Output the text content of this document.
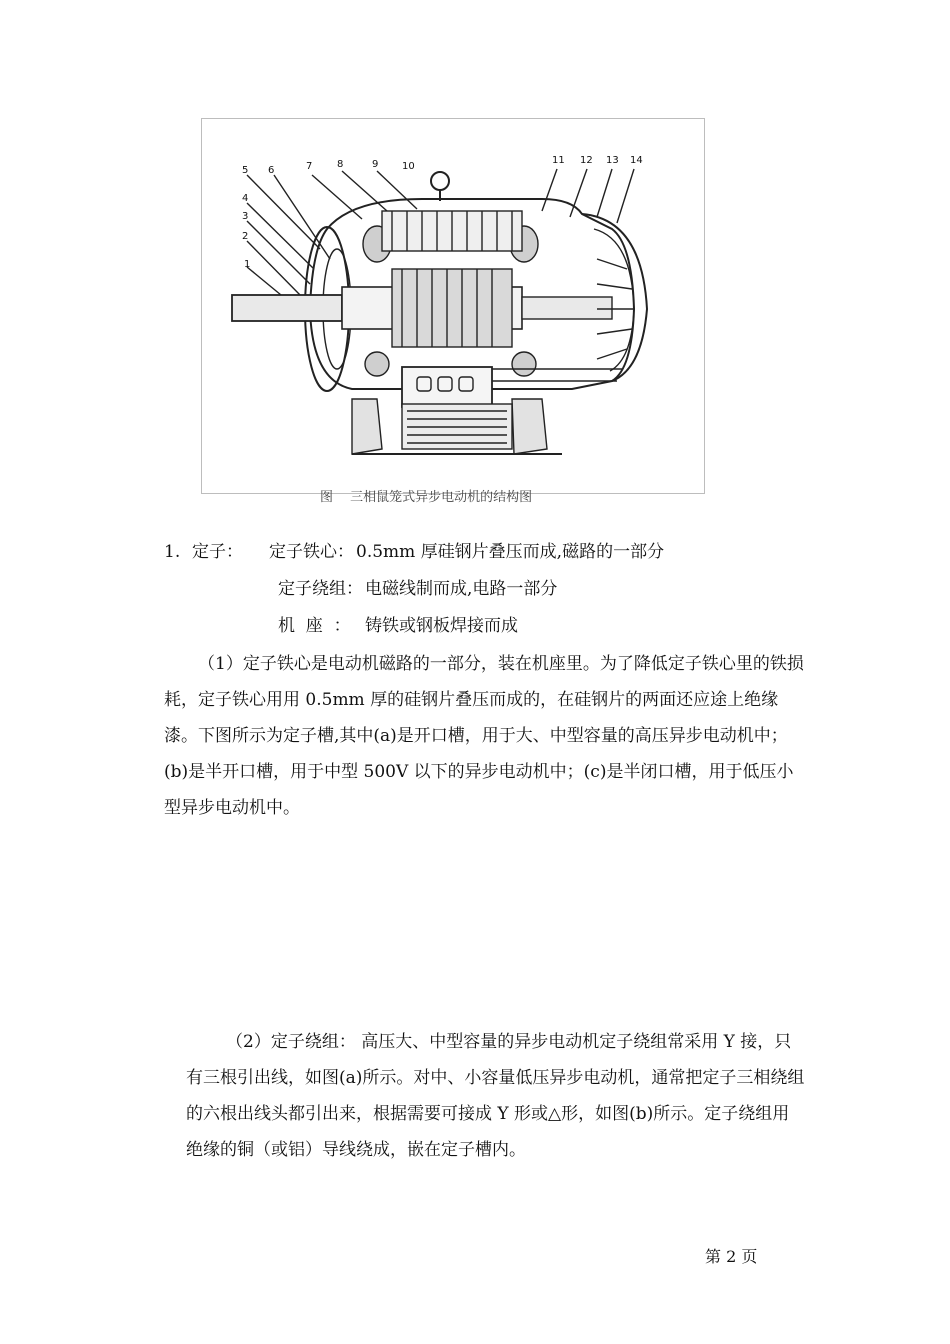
5 6	7 8	9 10
4
3
2
1
11 12 13 14
图 　三相鼠笼式异步电动机的结构图
1. 定子： 定子铁心： 0.5mm 厚硅钢片叠压而成,磁路的一部分
定子绕组： 电磁线制而成,电路一部分
机  座  ： 铸铁或钢板焊接而成
（1）定子铁心是电动机磁路的一部分，装在机座里。为了降低定子铁心里的铁损耗，定子铁心用用 0.5mm 厚的硅钢片叠压而成的，在硅钢片的两面还应途上绝缘漆。下图所示为定子槽,其中(a)是开口槽，用于大、中型容量的高压异步电动机中；(b)是半开口槽，用于中型 500V 以下的异步电动机中；(c)是半闭口槽，用于低压小型异步电动机中。
（2）定子绕组： 高压大、中型容量的异步电动机定子绕组常采用 Y 接，只有三根引出线，如图(a)所示。对中、小容量低压异步电动机，通常把定子三相绕组的六根出线头都引出来，根据需要可接成 Y 形或△形，如图(b)所示。定子绕组用绝缘的铜（或铝）导线绕成，嵌在定子槽内。
第 2 页
